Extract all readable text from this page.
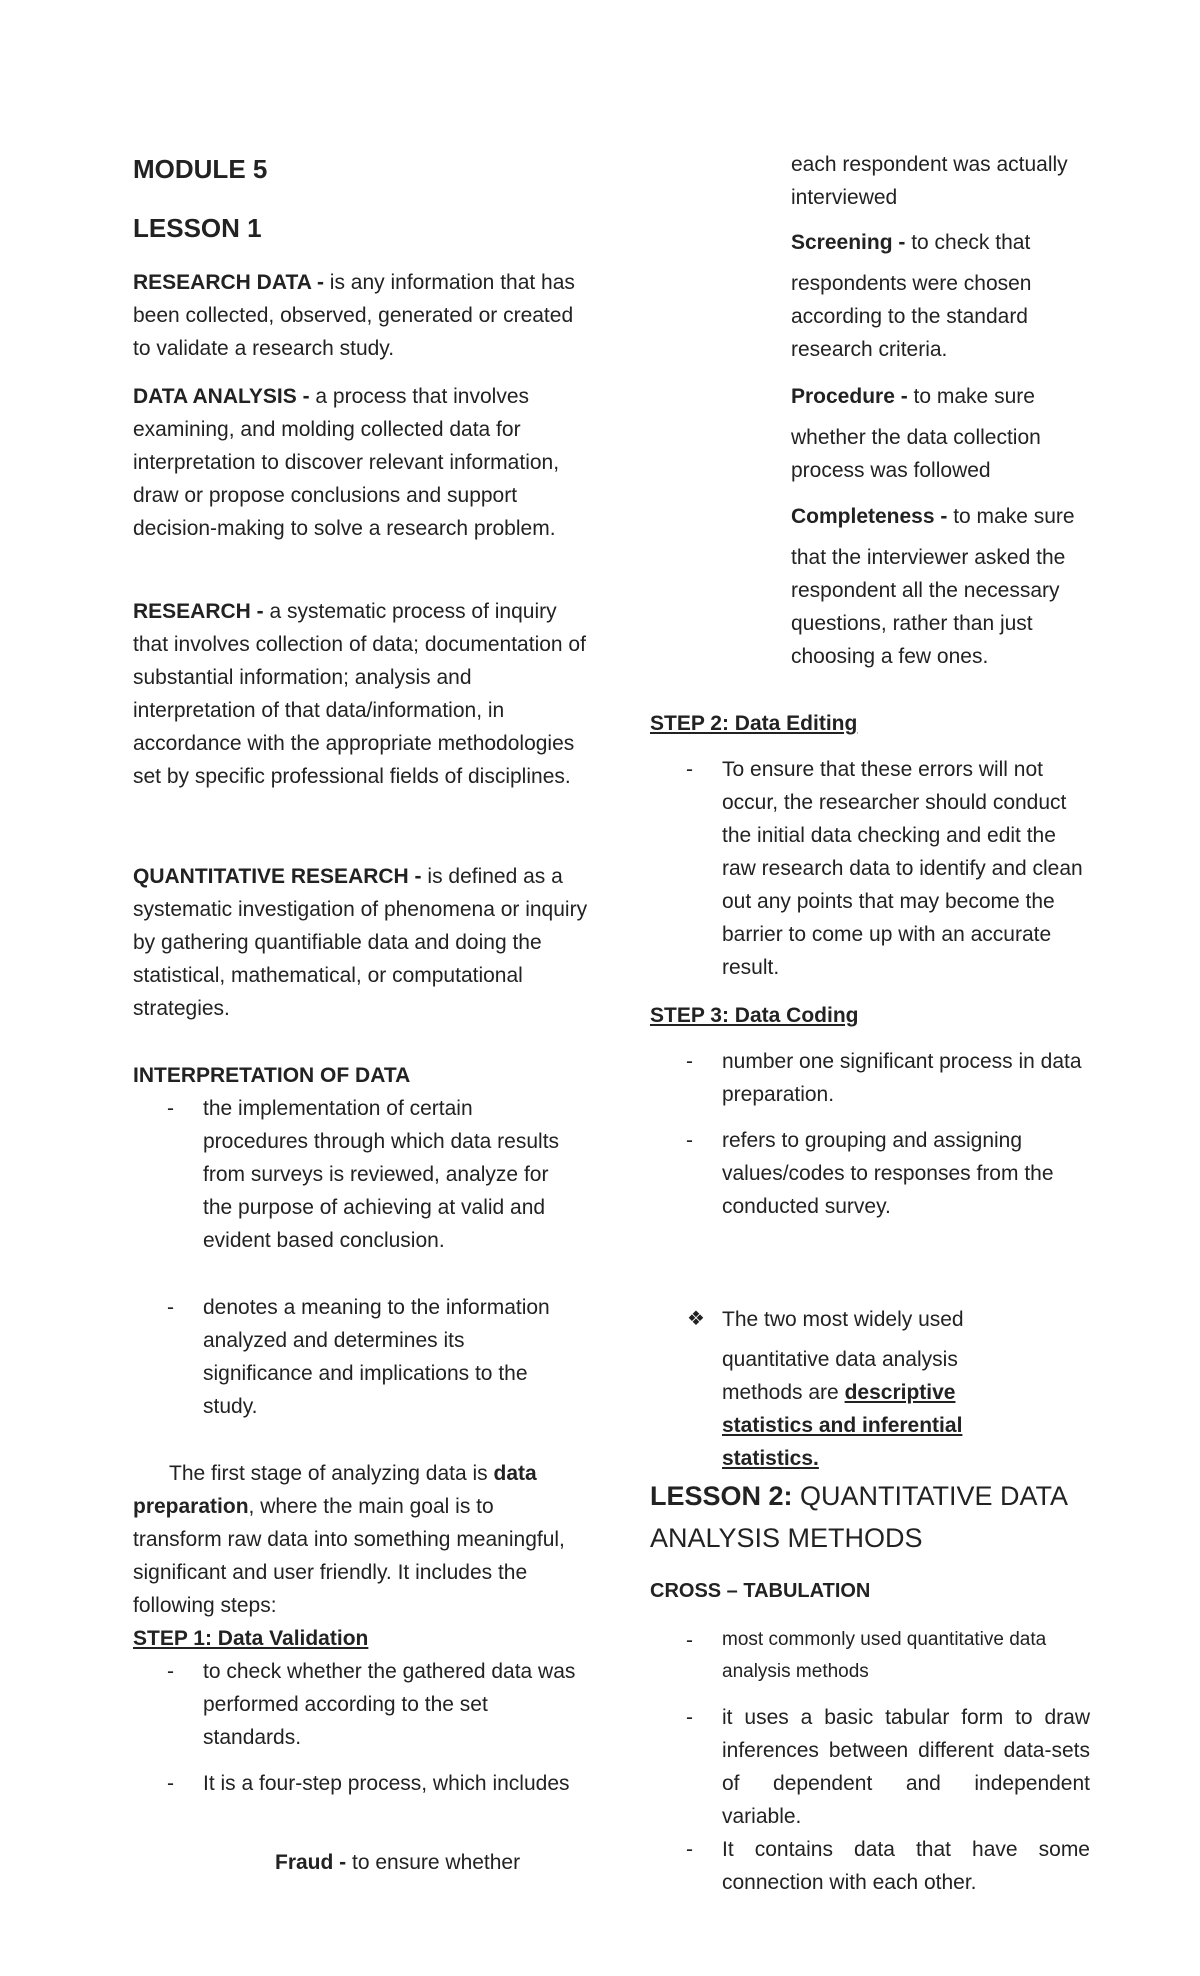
MODULE 5
LESSON 1

RESEARCH DATA - is any information that has been collected, observed, generated or created to validate a research study.

DATA ANALYSIS - a process that involves examining, and molding collected data for interpretation to discover relevant information, draw or propose conclusions and support decision-making to solve a research problem.

RESEARCH - a systematic process of inquiry that involves collection of data; documentation of substantial information; analysis and interpretation of that data/information, in accordance with the appropriate methodologies set by specific professional fields of disciplines.

QUANTITATIVE RESEARCH - is defined as a systematic investigation of phenomena or inquiry by gathering quantifiable data and doing the statistical, mathematical, or computational strategies.

INTERPRETATION OF DATA
- the implementation of certain procedures through which data results from surveys is reviewed, analyze for the purpose of achieving at valid and evident based conclusion.

- denotes a meaning to the information analyzed and determines its significance and implications to the study.

The first stage of analyzing data is data preparation, where the main goal is to transform raw data into something meaningful, significant and user friendly. It includes the following steps:

STEP 1: Data Validation
- to check whether the gathered data was performed according to the set standards.

- It is a four-step process, which includes

Fraud - to ensure whether

each respondent was actually interviewed

Screening - to check that

respondents were chosen according to the standard research criteria.

Procedure - to make sure

whether the data collection process was followed

Completeness - to make sure

that the interviewer asked the respondent all the necessary questions, rather than just choosing a few ones.

STEP 2: Data Editing
- To ensure that these errors will not occur, the researcher should conduct the initial data checking and edit the raw research data to identify and clean out any points that may become the barrier to come up with an accurate result.

STEP 3: Data Coding
- number one significant process in data preparation.

- refers to grouping and assigning values/codes to responses from the conducted survey.

❖ The two most widely used

quantitative data analysis methods are descriptive statistics and inferential statistics.

LESSON 2: QUANTITATIVE DATA ANALYSIS METHODS

CROSS – TABULATION
- most commonly used quantitative data analysis methods

- it uses a basic tabular form to draw inferences between different data-sets of dependent and independent variable.

- It contains data that have some connection with each other.
